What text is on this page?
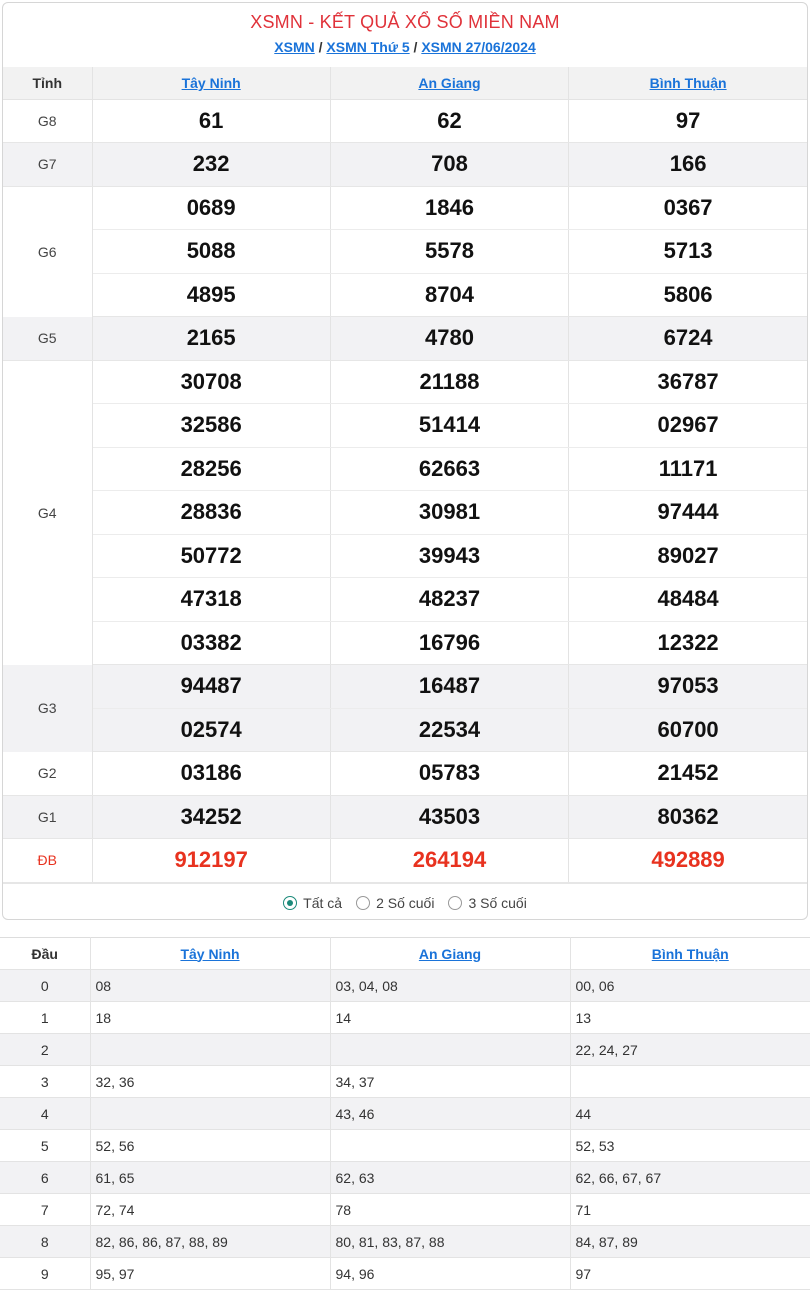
XSMN - KẾT QUẢ XỔ SỐ MIỀN NAM
XSMN / XSMN Thứ 5 / XSMN 27/06/2024
Tỉnh	Tây Ninh	An Giang	Bình Thuận
G8	61	62	97
G7	232	708	166
G6	0689	1846	0367
	5088	5578	5713
	4895	8704	5806
G5	2165	4780	6724
G4	30708	21188	36787
	32586	51414	02967
	28256	62663	11171
	28836	30981	97444
	50772	39943	89027
	47318	48237	48484
	03382	16796	12322
G3	94487	16487	97053
	02574	22534	60700
G2	03186	05783	21452
G1	34252	43503	80362
ĐB	912197	264194	492889
Tất cả 2 Số cuối 3 Số cuối
Đầu	Tây Ninh	An Giang	Bình Thuận
0	08	03, 04, 08	00, 06
1	18	14	13
2			22, 24, 27
3	32, 36	34, 37	
4		43, 46	44
5	52, 56		52, 53
6	61, 65	62, 63	62, 66, 67, 67
7	72, 74	78	71
8	82, 86, 86, 87, 88, 89	80, 81, 83, 87, 88	84, 87, 89
9	95, 97	94, 96	97
